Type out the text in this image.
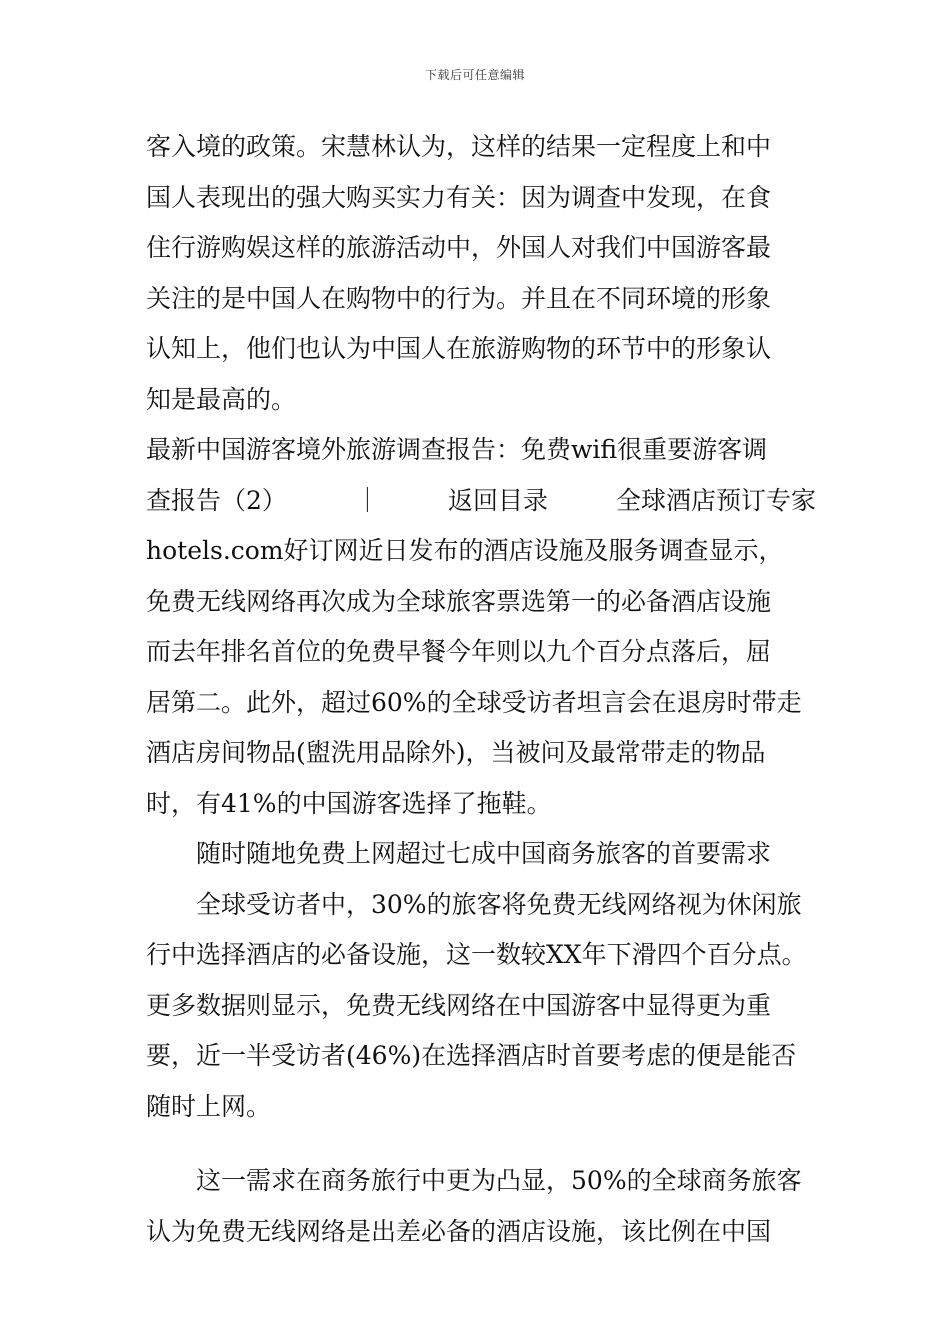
下载后可任意编辑
客入境的政策。宋慧林认为，这样的结果一定程度上和中
国人表现出的强大购买实力有关：因为调查中发现，在食
住行游购娱这样的旅游活动中，外国人对我们中国游客最
关注的是中国人在购物中的行为。并且在不同环境的形象
认知上，他们也认为中国人在旅游购物的环节中的形象认
知是最高的。
最新中国游客境外旅游调查报告：免费wifi很重要游客调
查报告（2）	｜	返回目录	全球酒店预订专家
hotels.com好订网近日发布的酒店设施及服务调查显示，
免费无线网络再次成为全球旅客票选第一的必备酒店设施
而去年排名首位的免费早餐今年则以九个百分点落后，屈
居第二。此外，超过60%的全球受访者坦言会在退房时带走
酒店房间物品(盥洗用品除外)，当被问及最常带走的物品
时，有41%的中国游客选择了拖鞋。
随时随地免费上网超过七成中国商务旅客的首要需求
全球受访者中，30%的旅客将免费无线网络视为休闲旅
行中选择酒店的必备设施，这一数较XX年下滑四个百分点。
更多数据则显示，免费无线网络在中国游客中显得更为重
要，近一半受访者(46%)在选择酒店时首要考虑的便是能否
随时上网。
这一需求在商务旅行中更为凸显，50%的全球商务旅客
认为免费无线网络是出差必备的酒店设施，该比例在中国
